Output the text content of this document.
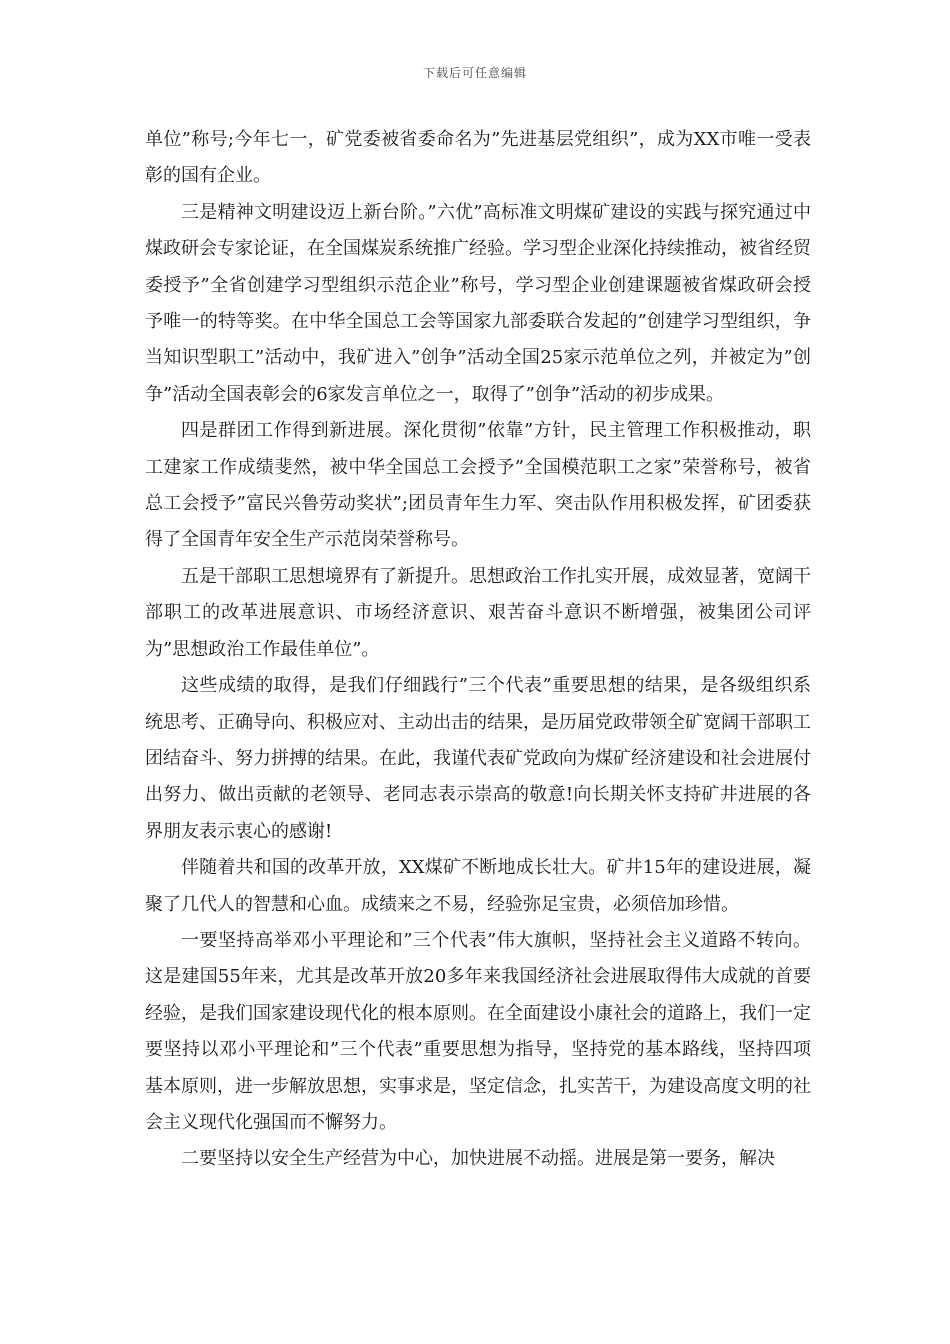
下载后可任意编辑

单位”称号;今年七一，矿党委被省委命名为”先进基层党组织”，成为XX市唯一受表彰的国有企业。

三是精神文明建设迈上新台阶。”六优”高标准文明煤矿建设的实践与探究通过中煤政研会专家论证，在全国煤炭系统推广经验。学习型企业深化持续推动，被省经贸委授予”全省创建学习型组织示范企业”称号，学习型企业创建课题被省煤政研会授予唯一的特等奖。在中华全国总工会等国家九部委联合发起的”创建学习型组织，争当知识型职工”活动中，我矿进入”创争”活动全国25家示范单位之列，并被定为”创争”活动全国表彰会的6家发言单位之一，取得了”创争”活动的初步成果。

四是群团工作得到新进展。深化贯彻”依靠”方针，民主管理工作积极推动，职工建家工作成绩斐然，被中华全国总工会授予”全国模范职工之家”荣誉称号，被省总工会授予”富民兴鲁劳动奖状”;团员青年生力军、突击队作用积极发挥，矿团委获得了全国青年安全生产示范岗荣誉称号。

五是干部职工思想境界有了新提升。思想政治工作扎实开展，成效显著，宽阔干部职工的改革进展意识、市场经济意识、艰苦奋斗意识不断增强，被集团公司评为”思想政治工作最佳单位”。

这些成绩的取得，是我们仔细践行”三个代表”重要思想的结果，是各级组织系统思考、正确导向、积极应对、主动出击的结果，是历届党政带领全矿宽阔干部职工团结奋斗、努力拼搏的结果。在此，我谨代表矿党政向为煤矿经济建设和社会进展付出努力、做出贡献的老领导、老同志表示崇高的敬意!向长期关怀支持矿井进展的各界朋友表示衷心的感谢!

伴随着共和国的改革开放，XX煤矿不断地成长壮大。矿井15年的建设进展，凝聚了几代人的智慧和心血。成绩来之不易，经验弥足宝贵，必须倍加珍惜。

一要坚持高举邓小平理论和”三个代表”伟大旗帜，坚持社会主义道路不转向。这是建国55年来，尤其是改革开放20多年来我国经济社会进展取得伟大成就的首要经验，是我们国家建设现代化的根本原则。在全面建设小康社会的道路上，我们一定要坚持以邓小平理论和”三个代表”重要思想为指导，坚持党的基本路线，坚持四项基本原则，进一步解放思想，实事求是，坚定信念，扎实苦干，为建设高度文明的社会主义现代化强国而不懈努力。

二要坚持以安全生产经营为中心，加快进展不动摇。进展是第一要务，解决
